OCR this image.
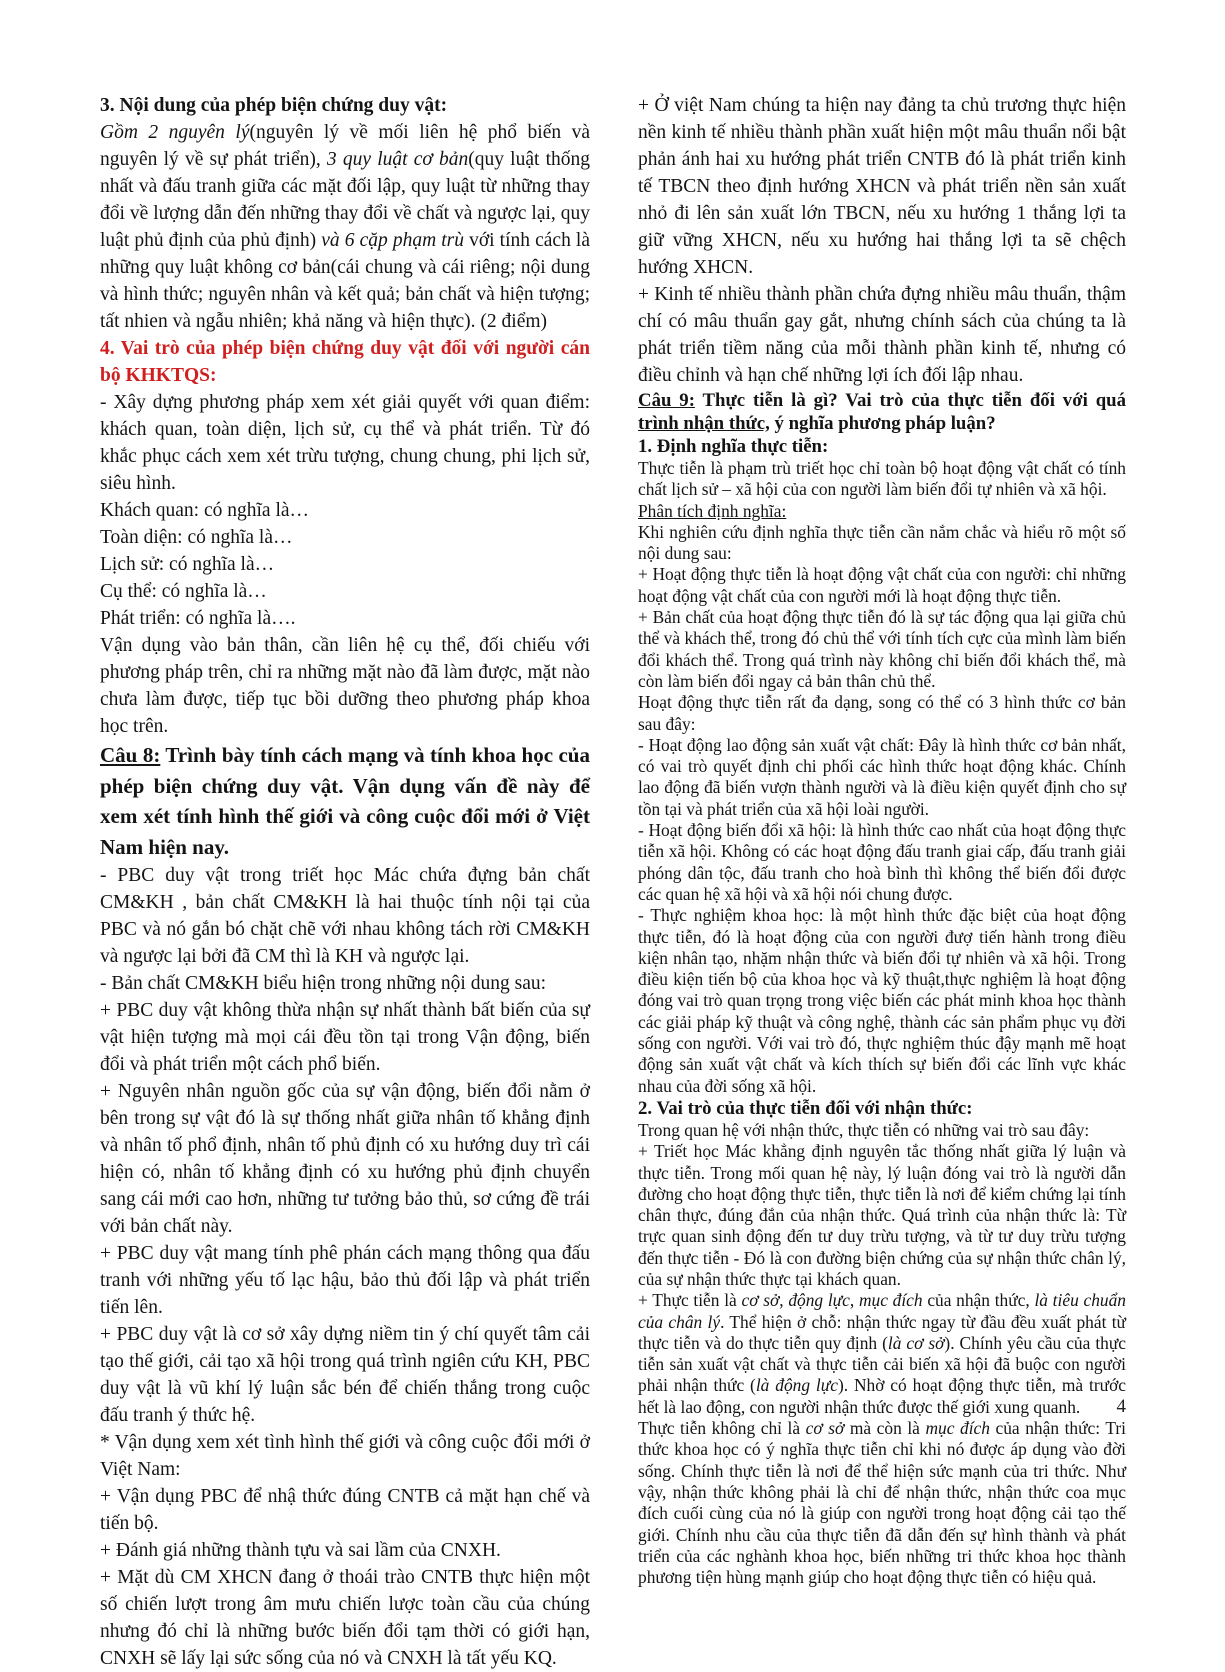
3. Nội dung của phép biện chứng duy vật:

Gồm 2 nguyên lý(nguyên lý về mối liên hệ phổ biến và nguyên lý về sự phát triển), 3 quy luật cơ bản(quy luật thống nhất và đấu tranh giữa các mặt đối lập, quy luật từ những thay đổi về lượng dẫn đến những thay đổi về chất và ngược lại, quy luật phủ định của phủ định) và 6 cặp phạm trù với tính cách là những quy luật không cơ bản(cái chung và cái riêng; nội dung và hình thức; nguyên nhân và kết quả; bản chất và hiện tượng; tất nhien và ngẫu nhiên; khả năng và hiện thực). (2 điểm)

4. Vai trò của phép biện chứng duy vật đối với người cán bộ KHKTQS:

- Xây dựng phương pháp xem xét giải quyết với quan điểm: khách quan, toàn diện, lịch sử, cụ thể và phát triển. Từ đó khắc phục cách xem xét trừu tượng, chung chung, phi lịch sử, siêu hình.

Khách quan: có nghĩa là…

Toàn diện: có nghĩa là…

Lịch sử: có nghĩa là…

Cụ thể: có nghĩa là…

Phát triển: có nghĩa là….

Vận dụng vào bản thân, cần liên hệ cụ thể, đối chiếu với phương pháp trên, chỉ ra những mặt nào đã làm được, mặt nào chưa làm được, tiếp tục bồi dưỡng theo phương pháp khoa học trên.

Câu 8: Trình bày tính cách mạng và tính khoa học của phép biện chứng duy vật. Vận dụng vấn đề này để xem xét tính hình thế giới và công cuộc đổi mới ở Việt Nam hiện nay.

- PBC duy vật trong triết học Mác chứa đựng bản chất CM&KH , bản chất CM&KH là hai thuộc tính nội tại của PBC và nó gắn bó chặt chẽ với nhau không tách rời CM&KH và ngược lại bởi đã CM thì là KH và ngược lại.

- Bản chất CM&KH biểu hiện trong những nội dung sau:

+ PBC duy vật không thừa nhận sự nhất thành bất biến của sự vật hiện tượng mà mọi cái đều tồn tại trong Vận động, biến đổi và phát triển một cách phổ biến.

+ Nguyên nhân nguồn gốc của sự vận động, biến đổi nằm ở bên trong sự vật đó là sự thống nhất giữa nhân tố khẳng định và nhân tố phổ định, nhân tố phủ định có xu hướng duy trì cái hiện có, nhân tố khẳng định có xu hướng phủ định chuyển sang cái mới cao hơn, những tư tưởng bảo thủ, sơ cứng đề trái với bản chất này.

+ PBC duy vật mang tính phê phán cách mạng thông qua đấu tranh với những yếu tố lạc hậu, bảo thủ đối lập và phát triển tiến lên.

+ PBC duy vật là cơ sở xây dựng niềm tin ý chí quyết tâm cải tạo thế giới, cải tạo xã hội trong quá trình ngiên cứu KH, PBC duy vật là vũ khí lý luận sắc bén để chiến thắng trong cuộc đấu tranh ý thức hệ.

* Vận dụng xem xét tình hình thế giới và công cuộc đổi mới ở Việt Nam:

+ Vận dụng PBC để nhậ thức đúng CNTB cả mặt hạn chế và tiến bộ.

+ Đánh giá những thành tựu và sai lầm của CNXH.

+ Mặt dù CM XHCN đang ở thoái trào CNTB thực hiện một số chiến lượt trong âm mưu chiến lược toàn cầu của chúng nhưng đó chỉ là những bước biến đổi tạm thời có giới hạn, CNXH sẽ lấy lại sức sống của nó và CNXH là tất yếu KQ.

+ Ở việt Nam chúng ta hiện nay đảng ta chủ trương thực hiện nền kinh tế nhiều thành phần xuất hiện một mâu thuẩn nổi bật phản ánh hai xu hướng phát triển CNTB đó là phát triển kinh tế TBCN theo định hướng XHCN và phát triển nền sản xuất nhỏ đi lên sản xuất lớn TBCN, nếu xu hướng 1 thắng lợi ta giữ vững XHCN, nếu xu hướng hai thắng lợi ta sẽ chệch hướng XHCN.

+ Kinh tế nhiều thành phần chứa đựng nhiều mâu thuẩn, thậm chí có mâu thuẩn gay gắt, nhưng chính sách của chúng ta là phát triển tiềm năng của mỗi thành phần kinh tế, nhưng có điều chỉnh và hạn chế những lợi ích đối lập nhau.

Câu 9: Thực tiễn là gì? Vai trò của thực tiễn đối với quá trình nhận thức, ý nghĩa phương pháp luận?

1. Định nghĩa thực tiễn:

Thực tiễn là phạm trù triết học chỉ toàn bộ hoạt động vật chất có tính chất lịch sử – xã hội của con người làm biến đổi tự nhiên và xã hội.

Phân tích định nghĩa:

Khi nghiên cứu định nghĩa thực tiễn cần nắm chắc và hiểu rõ một số nội dung sau:

+ Hoạt động thực tiễn là hoạt động vật chất của con người: chỉ những hoạt động vật chất của con người mới là hoạt động thực tiễn.

+ Bản chất của hoạt động thực tiễn đó là sự tác động qua lại giữa chủ thể và khách thể, trong đó chủ thể với tính tích cực của mình làm biến đổi khách thể. Trong quá trình này không chỉ biến đổi khách thể, mà còn làm biến đổi ngay cả bản thân chủ thể.

Hoạt động thực tiễn rất đa dạng, song có thể có 3 hình thức cơ bản sau đây:

- Hoạt động lao động sản xuất vật chất: Đây là hình thức cơ bản nhất, có vai trò quyết định chi phối các hình thức hoạt động khác. Chính lao động đã biến vượn thành người và là điều kiện quyết định cho sự tồn tại và phát triển của xã hội loài người.

- Hoạt động biến đổi xã hội: là hình thức cao nhất của hoạt động thực tiễn xã hội. Không có các hoạt động đấu tranh giai cấp, đấu tranh giải phóng dân tộc, đấu tranh cho hoà bình thì không thể biến đổi được các quan hệ xã hội và xã hội nói chung được.

- Thực nghiệm khoa học: là một hình thức đặc biệt của hoạt động thực tiễn, đó là hoạt động của con người đượ tiến hành trong điều kiện nhân tạo, nhặm nhận thức và biến đổi tự nhiên và xã hội. Trong điều kiện tiến bộ của khoa học và kỹ thuật,thực nghiệm là hoạt động đóng vai trò quan trọng trong việc biến các phát minh khoa học thành các giải pháp kỹ thuật và công nghệ, thành các sản phẩm phục vụ đời sống con người. Với vai trò đó, thực nghiệm thúc đậy mạnh mẽ hoạt động sản xuất vật chất và kích thích sự biến đổi các lĩnh vực khác nhau của đời sống xã hội.

2. Vai trò của thực tiễn đối với nhận thức:

Trong quan hệ với nhận thức, thực tiễn có những vai trò sau đây:

+ Triết học Mác khẳng định nguyên tắc thống nhất giữa lý luận và thực tiễn. Trong mối quan hệ này, lý luận đóng vai trò là người dẫn đường cho hoạt động thực tiễn, thực tiễn là nơi để kiểm chứng lại tính chân thực, đúng đắn của nhận thức. Quá trình của nhận thức là: Từ trực quan sinh động đến tư duy trừu tượng, và từ tư duy trừu tượng đến thực tiễn - Đó là con đường biện chứng của sự nhận thức chân lý, của sự nhận thức thực tại khách quan.

+ Thực tiễn là cơ sở, động lực, mục đích của nhận thức, là tiêu chuẩn của chân lý. Thể hiện ở chỗ: nhận thức ngay từ đầu đều xuất phát từ thực tiễn và do thực tiễn quy định (là cơ sở). Chính yêu cầu của thực tiễn sản xuất vật chất và thực tiễn cải biến xã hội đã buộc con người phải nhận thức (là động lực). Nhờ có hoạt động thực tiễn, mà trước hết là lao động, con người nhận thức được thế giới xung quanh.

Thực tiễn không chỉ là cơ sở mà còn là mục đích của nhận thức: Tri thức khoa học có ý nghĩa thực tiễn chỉ khi nó được áp dụng vào đời sống. Chính thực tiễn là nơi để thể hiện sức mạnh của tri thức. Như vậy, nhận thức không phải là chỉ để nhận thức, nhận thức coa mục đích cuối cùng của nó là giúp con người trong hoạt động cải tạo thế giới. Chính nhu cầu của thực tiễn đã dẫn đến sự hình thành và phát triển của các nghành khoa học, biến những tri thức khoa học thành phương tiện hùng mạnh giúp cho hoạt động thực tiễn có hiệu quả.

4
